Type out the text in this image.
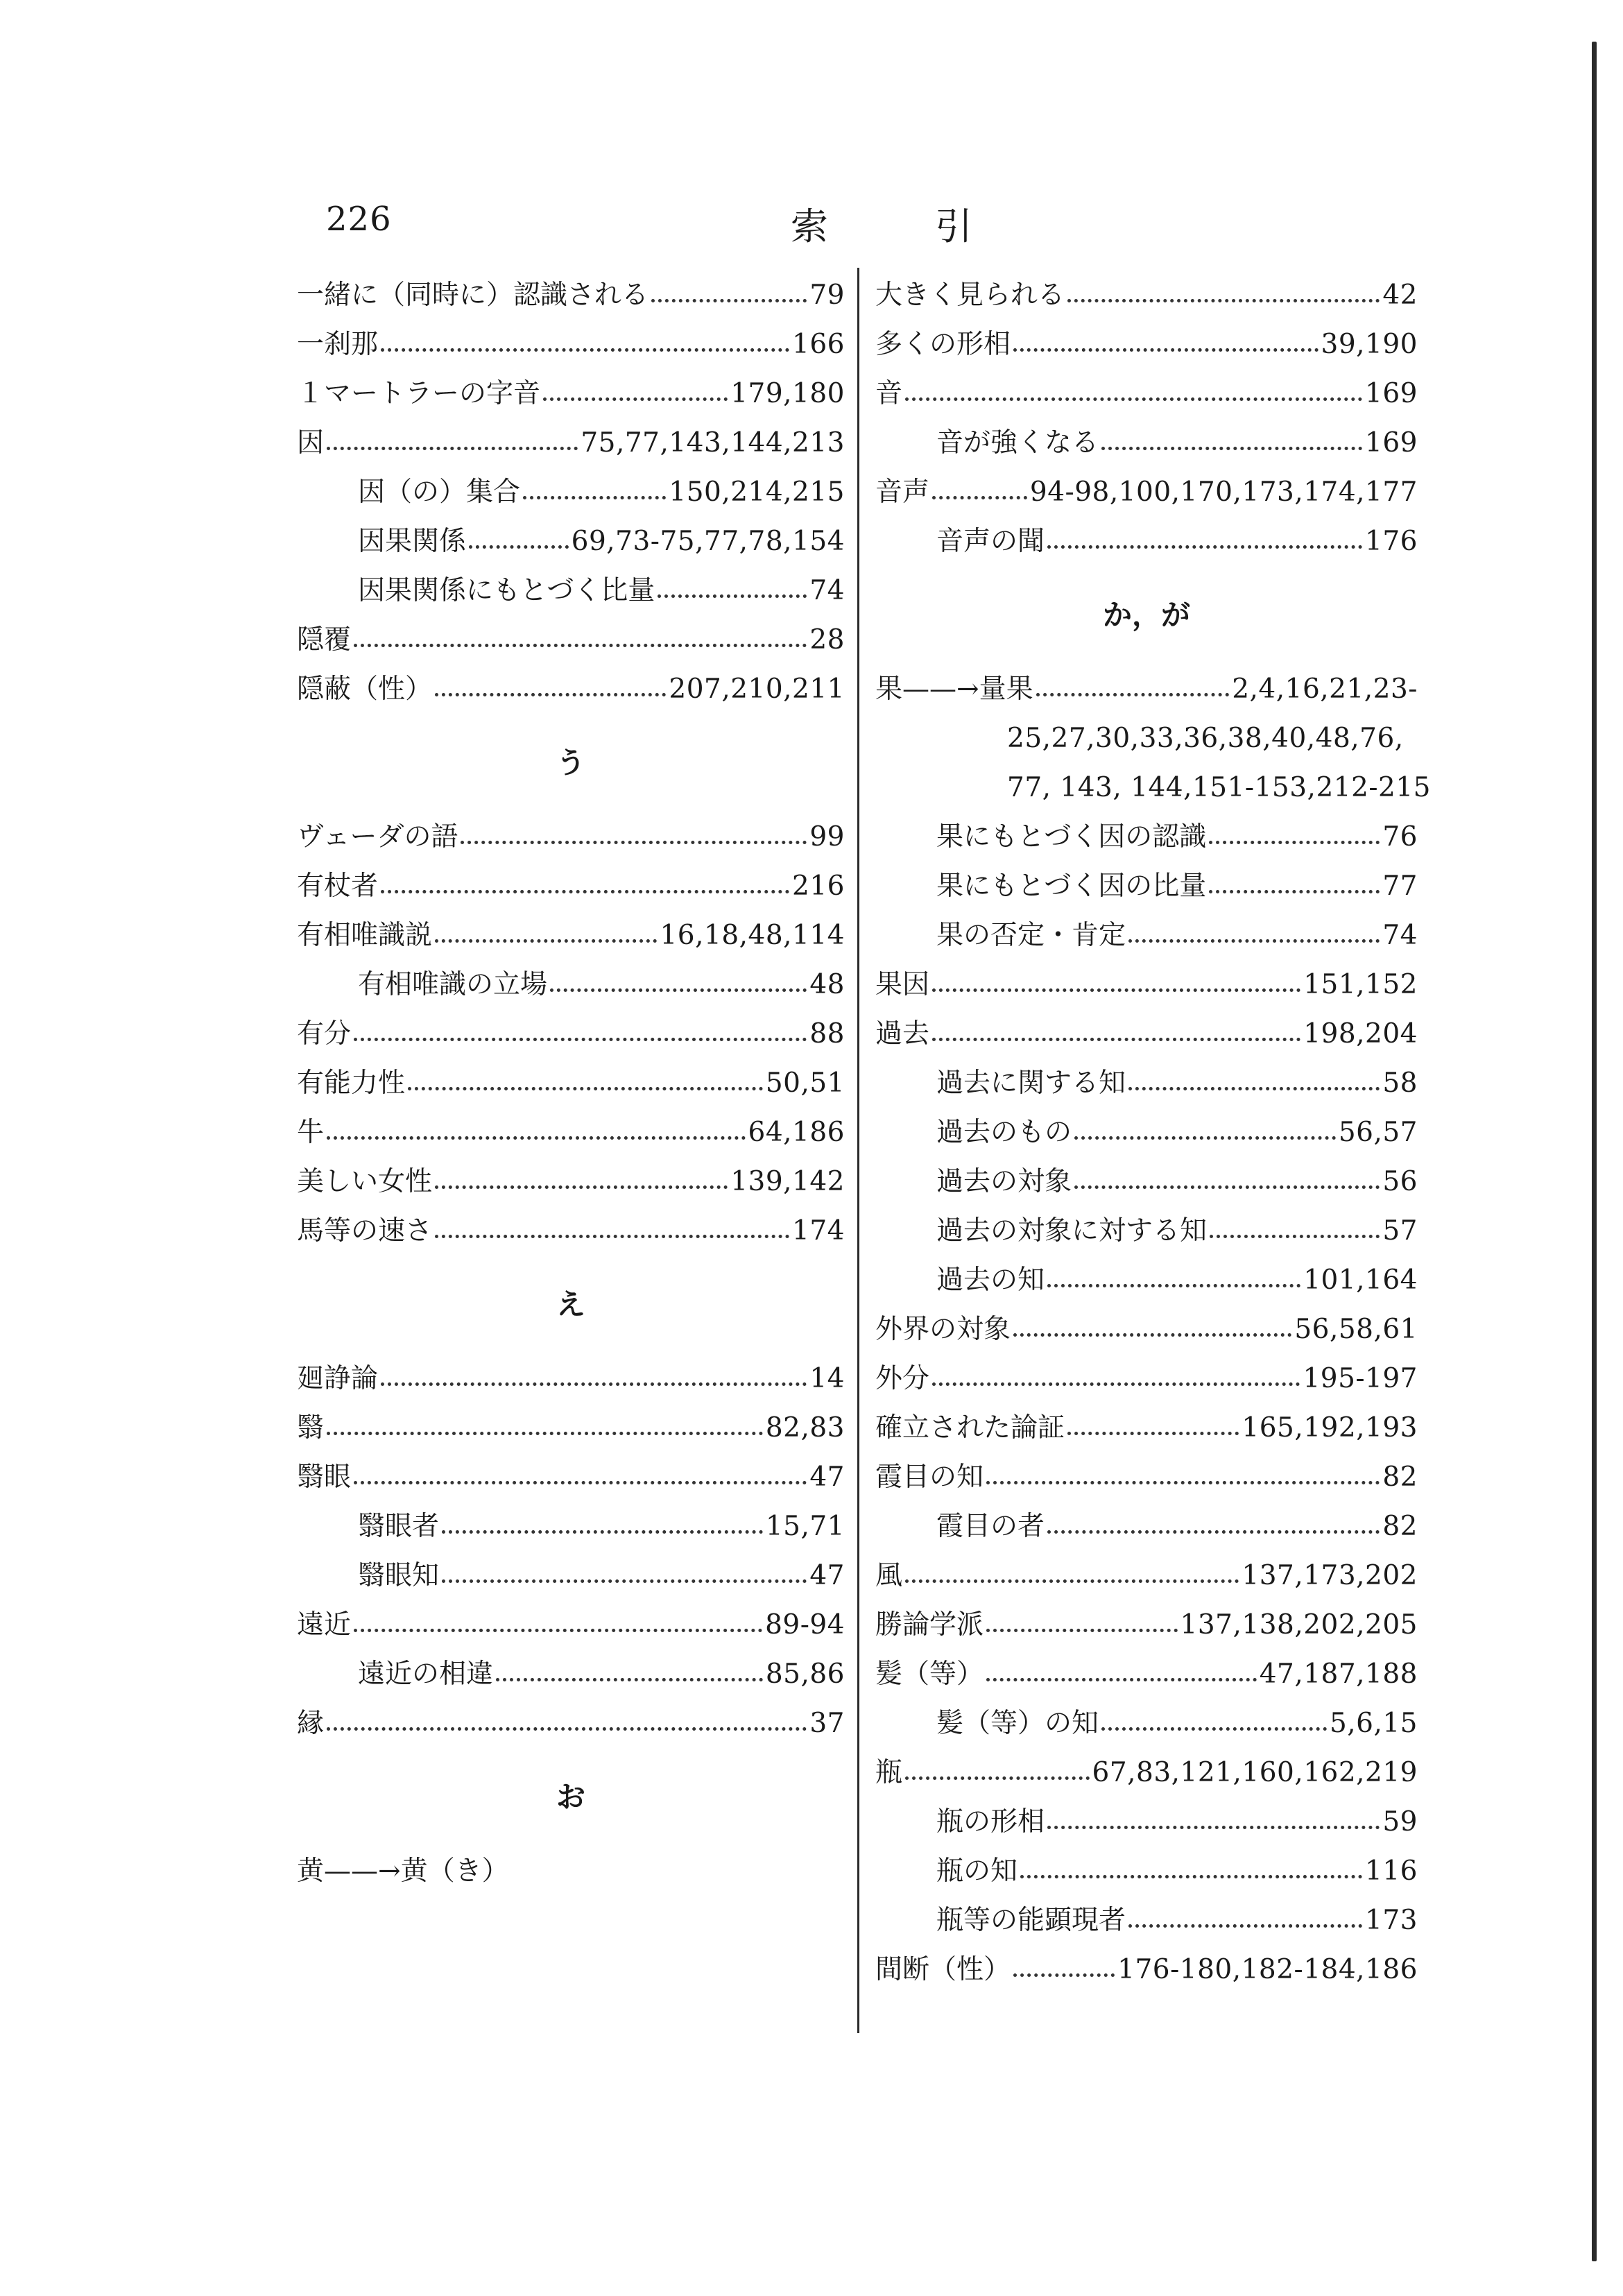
226	索　引
一緒に（同時に）認識される	79
一刹那	166
１マートラーの字音	179,180
因	75,77,143,144,213
因（の）集合	150,214,215
因果関係	69,73-75,77,78,154
因果関係にもとづく比量	74
隠覆	28
隠蔽（性）	207,210,211
う
ヴェーダの語	99
有杖者	216
有相唯識説	16,18,48,114
有相唯識の立場	48
有分	88
有能力性	50,51
牛	64,186
美しい女性	139,142
馬等の速さ	174
え
廻諍論	14
翳	82,83
翳眼	47
翳眼者	15,71
翳眼知	47
遠近	89-94
遠近の相違	85,86
縁	37
お
黄——→黄（き）
大きく見られる	42
多くの形相	39,190
音	169
音が強くなる	169
音声	94-98,100,170,173,174,177
音声の聞	176
か，が
果——→量果	2,4,16,21,23-
25,27,30,33,36,38,40,48,76,
77, 143, 144,151-153,212-215
果にもとづく因の認識	76
果にもとづく因の比量	77
果の否定・肯定	74
果因	151,152
過去	198,204
過去に関する知	58
過去のもの	56,57
過去の対象	56
過去の対象に対する知	57
過去の知	101,164
外界の対象	56,58,61
外分	195-197
確立された論証	165,192,193
霞目の知	82
霞目の者	82
風	137,173,202
勝論学派	137,138,202,205
髪（等）	47,187,188
髪（等）の知	5,6,15
瓶	67,83,121,160,162,219
瓶の形相	59
瓶の知	116
瓶等の能顕現者	173
間断（性）	176-180,182-184,186
